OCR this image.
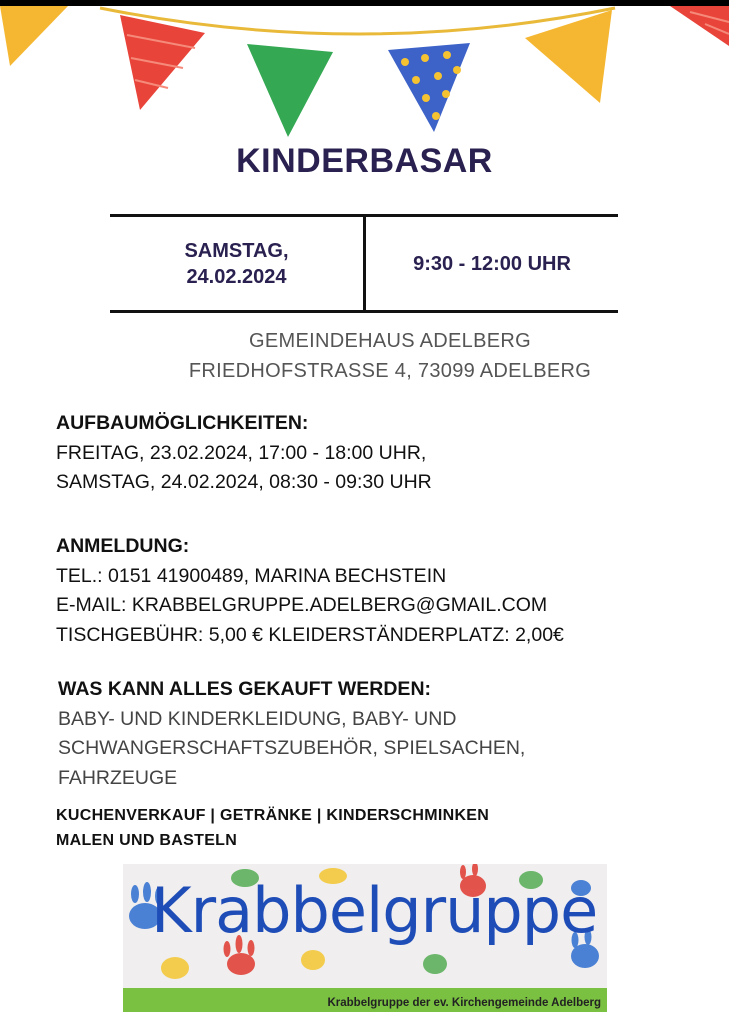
KINDERBASAR
SAMSTAG,
24.02.2024
9:30 - 12:00 UHR
GEMEINDEHAUS ADELBERG
FRIEDHOFSTRASSE 4, 73099 ADELBERG
AUFBAUMÖGLICHKEITEN:
FREITAG, 23.02.2024, 17:00 - 18:00 UHR,
SAMSTAG, 24.02.2024, 08:30 - 09:30 UHR
ANMELDUNG:
TEL.: 0151 41900489, MARINA BECHSTEIN
E-MAIL: KRABBELGRUPPE.ADELBERG@GMAIL.COM
TISCHGEBÜHR: 5,00 € KLEIDERSTÄNDERPLATZ: 2,00€
WAS KANN ALLES GEKAUFT WERDEN:
BABY- UND KINDERKLEIDUNG, BABY- UND
SCHWANGERSCHAFTSZUBEHÖR, SPIELSACHEN,
FAHRZEUGE
KUCHENVERKAUF | GETRÄNKE | KINDERSCHMINKEN
MALEN UND BASTELN
Krabbelgruppe
Krabbelgruppe der ev. Kirchengemeinde Adelberg
